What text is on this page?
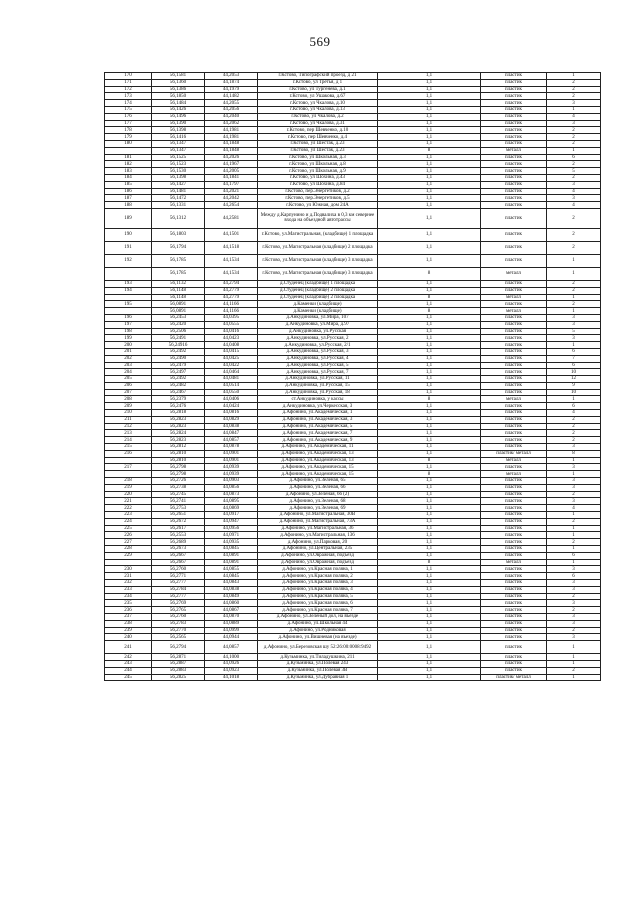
569
170	56,1581	44,2053	г.Кстово, Типографский проезд, д 21	1,1	пластик	1
171	56,1360	44,1874	г.Кстово, ул Третья, д 1	1,1	пластик	2
172	56,1386	44,1979	г.Кстово, ул Тургенева, д.1	1,1	пластик	2
173	56,1850	44,1482	г.Кстово, ул Ушакова, д.67	1,1	пластик	2
174	56,1484	44,2055	г.Кстово, ул Чкалова, д.10	1,1	пластик	3
175	56,1426	44,2056	г.Кстово, ул Чкалова, д.13	1,1	пластик	1
176	56,1496	44,2040	г.Кстово, ул Чкалова, д.2	1,1	пластик	4
177	56,1390	44,2062	г.Кстово, ул Чкалова, д.31	1,1	пластик	3
178	56,1398	44,1981	г.Кстово, пер Шевченко, д.10	1,1	пластик	2
179	56,1416	44,1981	г.Кстово, пер Шевченко, д.4	1,1	пластик	2
180	56,1347	44,1848	г.Кстово, ул Шестак, д.23	1,1	пластик	2
	56,1347	44,1848	г.Кстово, ул Шестак, д.23	8	металл	1
181	56,1525	44,2026	г.Кстово, ул Школьная, д.3	1,1	пластик	6
182	56,1523	44,1967	г.Кстово, ул Школьная, д.8	1,1	пластик	2
183	56,1530	44,2005	г.Кстово, ул Школьная, д.9	1,1	пластик	5
184	56,1398	44,1841	г.Кстово, ул Шохина, д.43	1,1	пластик	2
185	56,1427	44,1797	г.Кстово, ул Шохина, д.84	1,1	пластик	3
186	56,1481	44,2021	г.Кстово, пер.Энергетиков, д.2	1,1	пластик	4
187	56,1472	44,2042	г.Кстово, пер.Энергетиков, д.5	1,1	пластик	3
188	56,1331	44,2654	г.Кстово, ул Южная, дом 24А	1,1	пластик	4
189	56,1312	44,2581	Между д.Карпунино и д.Подвалиха в 0,3 км севернее входа на объездной автотрассы	1,1	пластик	2
190	56,1803	44,1501	г.Кстово, ул.Магистральная, (кладбище) 1 площадка	1,1	пластик	2
191	56,1794	44,1518	г.Кстово, ул.Магистральная (кладбище) 2 площадка	1,1	пластик	2
192	56,1785	44,1534	г.Кстово, ул.Магистральная (кладбище) 3 площадка	1,1	пластик	1
	56,1785	44,1534	г.Кстово, ул.Магистральная (кладбище) 3 площадка	8	металл	1
193	56,1132	44,2794	д.Студенец (кладбище) 1 площадка	1,1	пластик	2
194	56,1148	44,2779	д.Студенец (кладбище) 2 площадка	1,1	пластик	2
	56,1148	44,2779	д.Студенец (кладбище) 2 площадка	8	металл	1
195	56,0891	44,1166	д.Каменки (кладбище)	1,1	пластик	2
	56,0891	44,1166	д.Каменки (кладбище)	8	металл	1
196	56,2453	44,0395	д.Анкудиновка, ул.Мира, 107	1,1	пластик	3
197	56,2420	44,0555	д.Анкудиновка, ул.Мира, д.97	1,1	пластик	3
198	56,2506	44,0416	д.Анкудиновка, ул.Русская	1,1	пластик	5
199	56,2491	44,0423	д.Анкудиновка, ул.Русская, 2	1,1	пластик	3
200	56,24916	44,0408	д.Анкудиновка, ул.Русская, 2/1	1,1	пластик	1
201	56,2492	44,0415	д.Анкудиновка, ул.Русская, 3	1,1	пластик	6
202	56,2490	44,0425	д.Анкудиновка, ул.Русская, 4	1,1	пластик	7
203	56,2479	44,0422	д.Анкудиновка, ул.Русская, 5	1,1	пластик	6
204	56,2497	44,0464	д.Анкудиновка, ул.Русская, 7	1,1	пластик	10
205	56,2492	44,0481	д.Анкудиновка, ул.Русская, 11	1,1	пластик	12
206	56,2482	44,0514	д.Анкудиновка, ул.Русская, 15	1,1	пластик	9
207	56,2467	44,0550	д.Анкудиновка, ул.Русская, 18	1,1	пластик	10
208	56,2379	44,0406	ст.Анкудиновка, у кассы	8	металл	1
209	56,2476	44,0424	д.Анкудиновка, ул.Черкесская, 3	1,1	пластик	6
210	56,2818	44,0816	д.Афонино, ул.Академическая, 1	1,1	пластик	4
211	56,2823	44,0829	д.Афонино, ул.Академическая, 3	1,1	пластик	2
212	56,2823	44,0838	д.Афонино, ул.Академическая, 5	1,1	пластик	2
213	56,2824	44,0847	д.Афонино, ул.Академическая, 7	1,1	пластик	2
214	56,2823	44,0857	д.Афонино, ул.Академическая, 9	1,1	пластик	2
215	56,2812	44,0878	д.Афонино, ул.Академическая, 11	1,1	пластик	3
216	56,2810	44,0901	д.Афонино, ул.Академическая, 13	1,1	пластик/ металл	8
	56,2810	44,0901	д.Афонино, ул.Академическая, 13	8	металл	1
217	56,2798	44,0939	д.Афонино, ул.Академическая, 15	1,1	пластик	3
	56,2798	44,0939	д.Афонино, ул.Академическая, 15	8	металл	1
218	56,2726	44,0903	д.Афонино, ул.Зеленая, 65	1,1	пластик	3
219	56,2738	44,0856	д.Афонино, ул.Зеленая, 66	1,1	пластик	3
220	56,2745	44,0873	д.Афонино, ул.Зеленая, 66 (2)	1,1	пластик	2
221	56,2741	44,0895	д.Афонино, ул.Зеленая, 68	1,1	пластик	3
222	56,2753	44,0869	д.Афонино, ул.Зеленая, 69	1,1	пластик	4
223	56,2651	44,0917	д.Афонино, ул.Магистральная, 30В	1,1	пластик	1
224	56,2672	44,0947	д.Афонино, ул.Магистральная, 73А	1,1	пластик	2
225	56,2617	44,0956	д.Афонино, ул.Магистральная, 36	1,1	пластик	1
226	56,2553	44,0971	д.Афонино, ул.Магистральная, 136	1,1	пластик	1
227	56,2689	44,0935	д.Афонино, ул.Парковая, 20	1,1	пластик	2
228	56,2673	44,0845	д.Афонино, ул.Центральная, 235	1,1	пластик	1
229	56,2667	44,0891	д.Афонино, ул.Овражная, подъезд	1,1	пластик	6
	56,2667	44,0891	д.Афонино, ул.Овражная, подъезд	8	металл	1
230	56,2760	44,0855	д.Афонино, ул.Красная поляна, 1	1,1	пластик	3
231	56,2771	44,0845	д.Афонино, ул.Красная поляна, 2	1,1	пластик	6
232	56,2777	44,0843	д.Афонино, ул.Красная поляна, 3	1,1	пластик	3
233	56,2784	44,0838	д.Афонино, ул.Красная поляна, 4	1,1	пластик	3
234	56,2777	44,0849	д.Афонино, ул.Красная поляна, 5	1,1	пластик	2
235	56,2769	44,0860	д.Афонино, ул.Красная поляна, 6	1,1	пластик	3
236	56,2765	44,0867	д.Афонино, ул.Красная поляна, 7	1,1	пластик	2
237	56,2760	44,0870	д.Афонино, ул.Зеленый дол, на въезде	1,1	пластик	3
238	56,2783	44,0889	д.Афонино, ул.Школьная 44	1,1	пластик	3
239	56,2770	44,0999	д.Афонино, ул.Родниковая	1,1	пластик	2
240	56,2565	44,0944	д.Афонино, ул.Вишневая (на въезде)	1,1	пластик	3
241	56,2794	44,0857	д.Афонино, ул.Березовская шу 52:26:00:0008:9492	1,1	пластик	1
242	56,2871	44,1000	д.Кузьминка, ул.Тиладушкина, 211	1,1	пластик	1
243	56,2887	44,0926	д.Кузьминка, ул.Полевая 243	1,1	пластик	1
244	56,2883	44,0923	д.Кузьминка, ул.Полевая 3В	1,1	пластик	2
245	56,2825	44,1018	д.Кузьминка, ул.Дубравная 1	1,1	пластик/ металл	1
